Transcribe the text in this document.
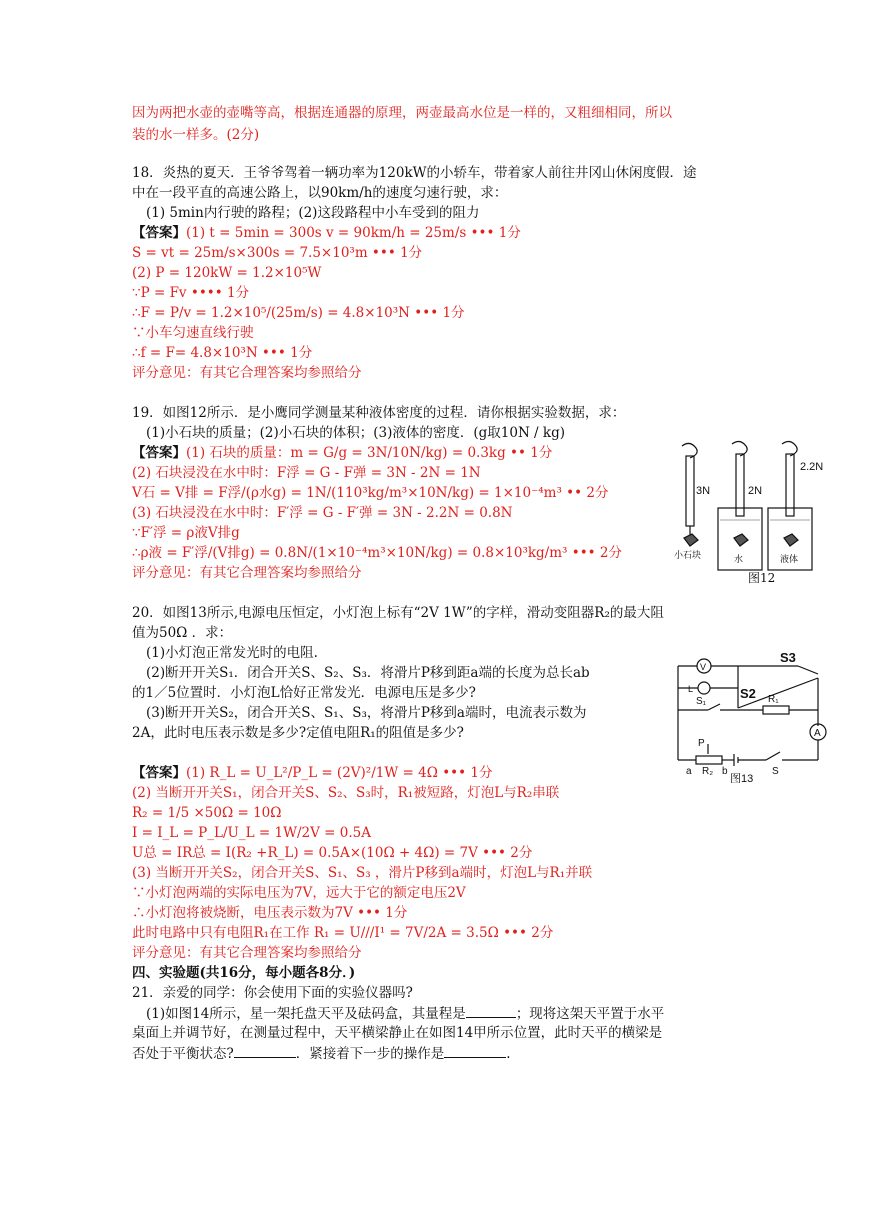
因为两把水壶的壶嘴等高，根据连通器的原理，两壶最高水位是一样的，又粗细相同，所以
装的水一样多。(2分)
18．炎热的夏天．王爷爷驾着一辆功率为120kW的小轿车，带着家人前往井冈山休闲度假．途
中在一段平直的高速公路上，以90km/h的速度匀速行驶，求：
(1) 5min内行驶的路程；(2)这段路程中小车受到的阻力
【答案】(1) t = 5min = 300s v = 90km/h = 25m/s ••• 1分
S = vt = 25m/s×300s = 7.5×10³m ••• 1分
(2) P = 120kW = 1.2×10⁵W
∵P = Fv •••• 1分
∴F = P/v = 1.2×10⁵/(25m/s) = 4.8×10³N ••• 1分
∵小车匀速直线行驶
∴f = F= 4.8×10³N ••• 1分
评分意见：有其它合理答案均参照给分
19．如图12所示．是小鹰同学测量某种液体密度的过程．请你根据实验数据，求：
(1)小石块的质量；(2)小石块的体积；(3)液体的密度．(g取10N / kg)
【答案】(1) 石块的质量：m = G/g = 3N/10N/kg) = 0.3kg •• 1分
(2) 石块浸没在水中时：F浮 = G - F弹 = 3N - 2N = 1N
V石 = V排 = F浮/(ρ水g) = 1N/(110³kg/m³×10N/kg) = 1×10⁻⁴m³ •• 2分
(3) 石块浸没在水中时：F′浮 = G - F′弹 = 3N - 2.2N = 0.8N
∵F′浮 = ρ液V排g
∴ρ液 = F′浮/(V排g) = 0.8N/(1×10⁻⁴m³×10N/kg) = 0.8×10³kg/m³ ••• 2分
评分意见：有其它合理答案均参照给分
3N	2N
2.2N
小石块	水	液体
图12
20．如图13所示,电源电压恒定，小灯泡上标有“2V 1W”的字样，滑动变阻器R₂的最大阻
值为50Ω ．求：
(1)小灯泡正常发光时的电阻.
(2)断开开关S₁．闭合开关S、S₂、S₃．将滑片P移到距a端的长度为总长ab
的1／5位置时．小灯泡L恰好正常发光．电源电压是多少?
(3)断开开关S₂，闭合开关S、S₁、S₃，将滑片P移到a端时，电流表示数为
2A，此时电压表示数是多少?定值电阻R₁的阻值是多少?
V
L
S3
S2
S₁	R₁
A
P
a R₂ b	S
图13
【答案】(1) R_L = U_L²/P_L = (2V)²/1W = 4Ω ••• 1分
(2) 当断开开关S₁，闭合开关S、S₂、S₃时，R₁被短路，灯泡L与R₂串联
R₂ = 1/5 ×50Ω = 10Ω
I = I_L = P_L/U_L = 1W/2V = 0.5A
U总 = IR总 = I(R₂ +R_L) = 0.5A×(10Ω + 4Ω) = 7V ••• 2分
(3) 当断开开关S₂，闭合开关S、S₁、S₃ ，滑片P移到a端时，灯泡L与R₁并联
∵小灯泡两端的实际电压为7V，远大于它的额定电压2V
∴小灯泡将被烧断，电压表示数为7V ••• 1分
此时电路中只有电阻R₁在工作 R₁ = U///I¹ = 7V/2A = 3.5Ω ••• 2分
评分意见：有其它合理答案均参照给分
四、实验题(共16分，每小题各8分．)
21．亲爱的同学：你会使用下面的实验仪器吗?
(1)如图14所示，星一架托盘天平及砝码盒，其量程是	；现将这架天平置于水平
桌面上并调节好，在测量过程中，天平横梁静止在如图14甲所示位置，此时天平的横梁是
否处于平衡状态?	．紧接着下一步的操作是	.
